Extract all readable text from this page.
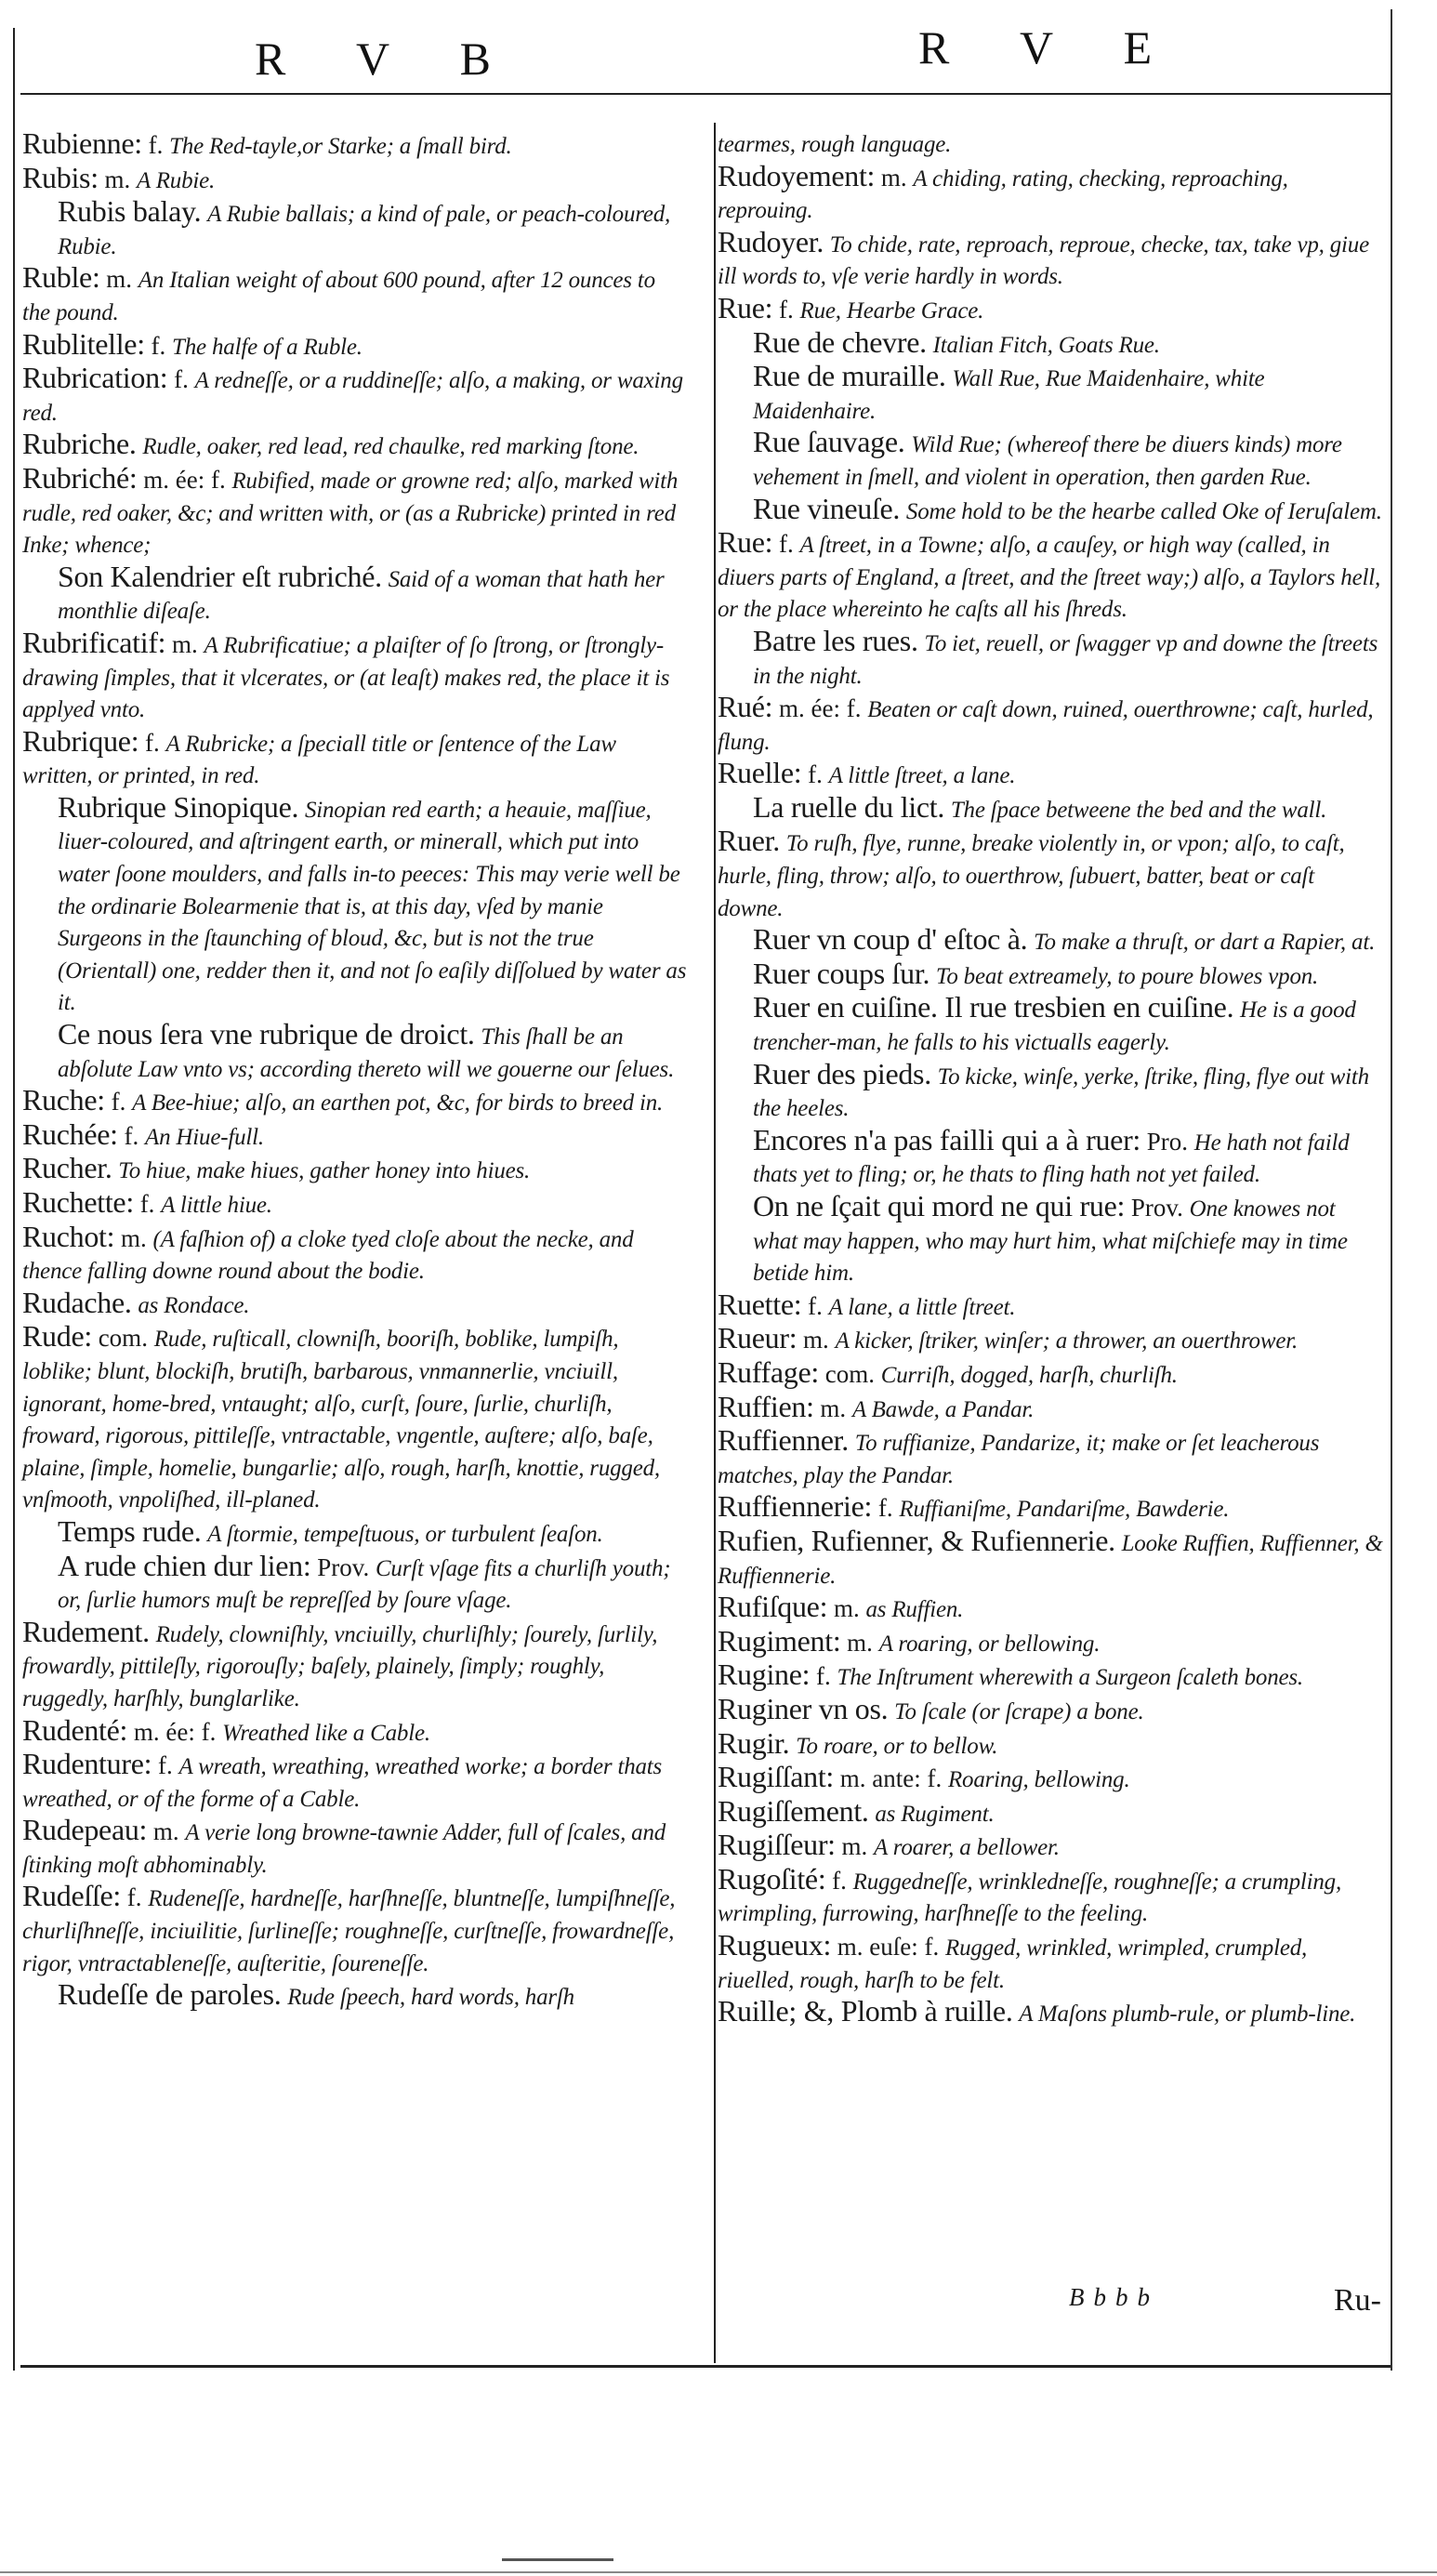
R V B	R V E

Rubienne: f. The Red-tayle,or Starke; a ſmall bird.

Rubis: m. A Rubie.

Rubis balay. A Rubie ballais; a kind of pale, or peach-coloured, Rubie.

Ruble: m. An Italian weight of about 600 pound, after 12 ounces to the pound.

Rublitelle: f. The halfe of a Ruble.

Rubrication: f. A redneſſe, or a ruddineſſe; alſo, a making, or waxing red.

Rubriche. Rudle, oaker, red lead, red chaulke, red marking ſtone.

Rubriché: m. ée: f. Rubified, made or growne red; alſo, marked with rudle, red oaker, &c; and written with, or (as a Rubricke) printed in red Inke; whence;

Son Kalendrier eſt rubriché. Said of a woman that hath her monthlie diſeaſe.

Rubrificatif: m. A Rubrificatiue; a plaiſter of ſo ſtrong, or ſtrongly-drawing ſimples, that it vlcerates, or (at leaſt) makes red, the place it is applyed vnto.

Rubrique: f. A Rubricke; a ſpeciall title or ſentence of the Law written, or printed, in red.

Rubrique Sinopique. Sinopian red earth; a heauie, maſſiue, liuer-coloured, and aſtringent earth, or minerall, which put into water ſoone moulders, and falls in-to peeces: This may verie well be the ordinarie Bolearmenie that is, at this day, vſed by manie Surgeons in the ſtaunching of bloud, &c, but is not the true (Orientall) one, redder then it, and not ſo eaſily diſſolued by water as it.

Ce nous ſera vne rubrique de droict. This ſhall be an abſolute Law vnto vs; according thereto will we gouerne our ſelues.

Ruche: f. A Bee-hiue; alſo, an earthen pot, &c, for birds to breed in.

Ruchée: f. An Hiue-full.

Rucher. To hiue, make hiues, gather honey into hiues.

Ruchette: f. A little hiue.

Ruchot: m. (A faſhion of) a cloke tyed cloſe about the necke, and thence falling downe round about the bodie.

Rudache. as Rondace.

Rude: com. Rude, ruſticall, clowniſh, booriſh, boblike, lumpiſh, loblike; blunt, blockiſh, brutiſh, barbarous, vnmannerlie, vnciuill, ignorant, home-bred, vntaught; alſo, curſt, ſoure, ſurlie, churliſh, froward, rigorous, pittileſſe, vntractable, vngentle, auſtere; alſo, baſe, plaine, ſimple, homelie, bungarlie; alſo, rough, harſh, knottie, rugged, vnſmooth, vnpoliſhed, ill-planed.

Temps rude. A ſtormie, tempeſtuous, or turbulent ſeaſon.

A rude chien dur lien: Prov. Curſt vſage fits a churliſh youth; or, ſurlie humors muſt be repreſſed by ſoure vſage.

Rudement. Rudely, clowniſhly, vnciuilly, churliſhly; ſourely, ſurlily, frowardly, pittileſly, rigorouſly; baſely, plainely, ſimply; roughly, ruggedly, harſhly, bunglarlike.

Rudenté: m. ée: f. Wreathed like a Cable.

Rudenture: f. A wreath, wreathing, wreathed worke; a border thats wreathed, or of the forme of a Cable.

Rudepeau: m. A verie long browne-tawnie Adder, full of ſcales, and ſtinking moſt abhominably.

Rudeſſe: f. Rudeneſſe, hardneſſe, harſhneſſe, bluntneſſe, lumpiſhneſſe, churliſhneſſe, inciuilitie, ſurlineſſe; roughneſſe, curſtneſſe, frowardneſſe, rigor, vntractableneſſe, auſteritie, ſoureneſſe.

Rudeſſe de paroles. Rude ſpeech, hard words, harſh

tearmes, rough language.

Rudoyement: m. A chiding, rating, checking, reproaching, reprouing.

Rudoyer. To chide, rate, reproach, reproue, checke, tax, take vp, giue ill words to, vſe verie hardly in words.

Rue: f. Rue, Hearbe Grace.

Rue de chevre. Italian Fitch, Goats Rue.

Rue de muraille. Wall Rue, Rue Maidenhaire, white Maidenhaire.

Rue ſauvage. Wild Rue; (whereof there be diuers kinds) more vehement in ſmell, and violent in operation, then garden Rue.

Rue vineuſe. Some hold to be the hearbe called Oke of Ieruſalem.

Rue: f. A ſtreet, in a Towne; alſo, a cauſey, or high way (called, in diuers parts of England, a ſtreet, and the ſtreet way;) alſo, a Taylors hell, or the place whereinto he caſts all his ſhreds.

Batre les rues. To iet, reuell, or ſwagger vp and downe the ſtreets in the night.

Rué: m. ée: f. Beaten or caſt down, ruined, ouerthrowne; caſt, hurled, flung.

Ruelle: f. A little ſtreet, a lane.

La ruelle du lict. The ſpace betweene the bed and the wall.

Ruer. To ruſh, flye, runne, breake violently in, or vpon; alſo, to caſt, hurle, fling, throw; alſo, to ouerthrow, ſubuert, batter, beat or caſt downe.

Ruer vn coup d' eſtoc à. To make a thruſt, or dart a Rapier, at.

Ruer coups ſur. To beat extreamely, to poure blowes vpon.

Ruer en cuiſine. Il rue tresbien en cuiſine. He is a good trencher-man, he falls to his victualls eagerly.

Ruer des pieds. To kicke, winſe, yerke, ſtrike, fling, flye out with the heeles.

Encores n'a pas failli qui a à ruer: Pro. He hath not faild thats yet to fling; or, he thats to fling hath not yet failed.

On ne ſçait qui mord ne qui rue: Prov. One knowes not what may happen, who may hurt him, what miſchiefe may in time betide him.

Ruette: f. A lane, a little ſtreet.

Rueur: m. A kicker, ſtriker, winſer; a thrower, an ouerthrower.

Ruffage: com. Curriſh, dogged, harſh, churliſh.

Ruffien: m. A Bawde, a Pandar.

Ruffienner. To ruffianize, Pandarize, it; make or ſet leacherous matches, play the Pandar.

Ruffiennerie: f. Ruffianiſme, Pandariſme, Bawderie.

Rufien, Rufienner, & Rufiennerie. Looke Ruffien, Ruffienner, & Ruffiennerie.

Rufiſque: m. as Ruffien.

Rugiment: m. A roaring, or bellowing.

Rugine: f. The Inſtrument wherewith a Surgeon ſcaleth bones.

Ruginer vn os. To ſcale (or ſcrape) a bone.

Rugir. To roare, or to bellow.

Rugiſſant: m. ante: f. Roaring, bellowing.

Rugiſſement. as Rugiment.

Rugiſſeur: m. A roarer, a bellower.

Rugoſité: f. Ruggedneſſe, wrinkledneſſe, roughneſſe; a crumpling, wrimpling, furrowing, harſhneſſe to the feeling.

Rugueux: m. euſe: f. Rugged, wrinkled, wrimpled, crumpled, riuelled, rough, harſh to be felt.

Ruille; &, Plomb à ruille. A Maſons plumb-rule, or plumb-line.

Bbbb	Ru-
